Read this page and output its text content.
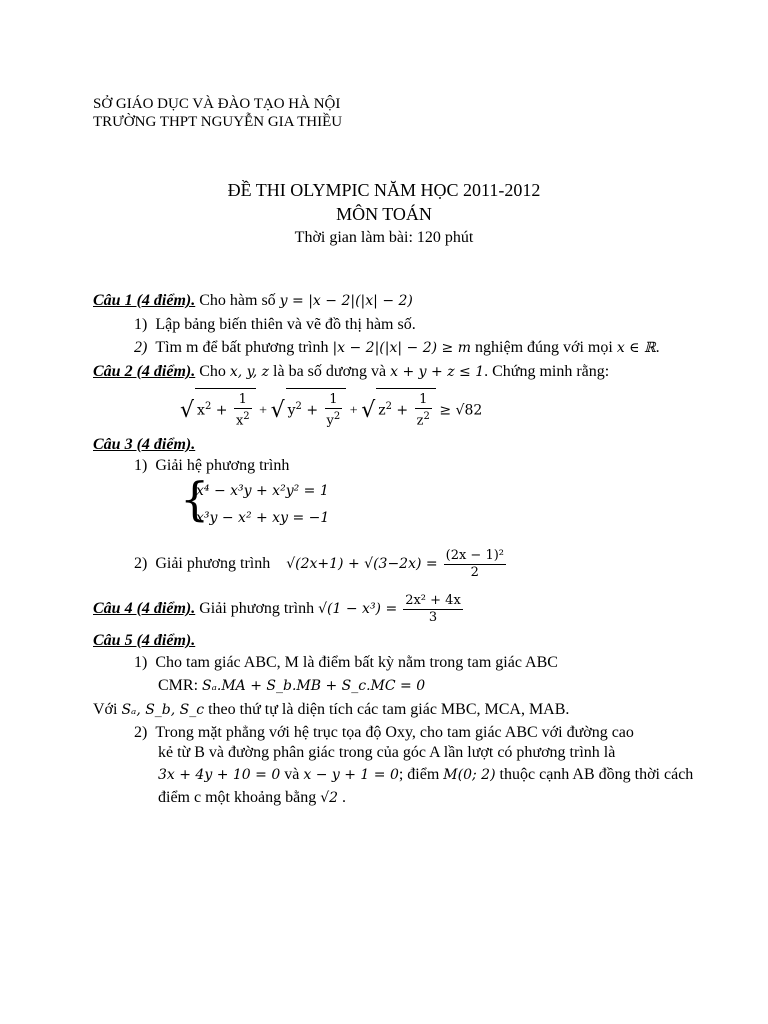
SỞ GIÁO DỤC VÀ ĐÀO TẠO HÀ NỘI
TRƯỜNG THPT NGUYỄN GIA THIỀU
ĐỀ THI OLYMPIC NĂM HỌC 2011-2012
MÔN TOÁN
Thời gian làm bài: 120 phút
Câu 1 (4 điểm). Cho hàm số y = |x − 2|(|x| − 2)
1) Lập bảng biến thiên và vẽ đồ thị hàm số.
2) Tìm m để bất phương trình |x − 2|(|x| − 2) ≥ m nghiệm đúng với mọi x ∈ ℝ.
Câu 2 (4 điểm). Cho x, y, z là ba số dương và x + y + z ≤ 1. Chứng minh rằng:
√ $x^2 + \frac{1}{x^2}$ + √ $y^2 + \frac{1}{y^2}$ + √ $z^2 + \frac{1}{z^2} \ge √82$
Câu 3 (4 điểm).
1) Giải hệ phương trình
{
x⁴ − x³y + x²y² = 1
x³y − x² + xy = −1
2) Giải phương trình $√(2x+1) + √(3-2x) = \frac{\text{(2x − 1)²}}{2}$
Câu 4 (4 điểm). Giải phương trình $√(1 - x^3) = \frac{\text{2x² + 4x}}{3}$
Câu 5 (4 điểm).
1) Cho tam giác ABC, M là điểm bất kỳ nằm trong tam giác ABC
CMR: Sₐ.MA + S_b.MB + S_c.MC = 0
Với Sₐ, S_b, S_c theo thứ tự là diện tích các tam giác MBC, MCA, MAB.
2) Trong mặt phẳng với hệ trục tọa độ Oxy, cho tam giác ABC với đường cao
kẻ từ B và đường phân giác trong của góc A lần lượt có phương trình là
3x + 4y + 10 = 0 và x − y + 1 = 0; điểm M(0; 2) thuộc cạnh AB đồng thời cách
điểm c một khoảng bằng √2 .
